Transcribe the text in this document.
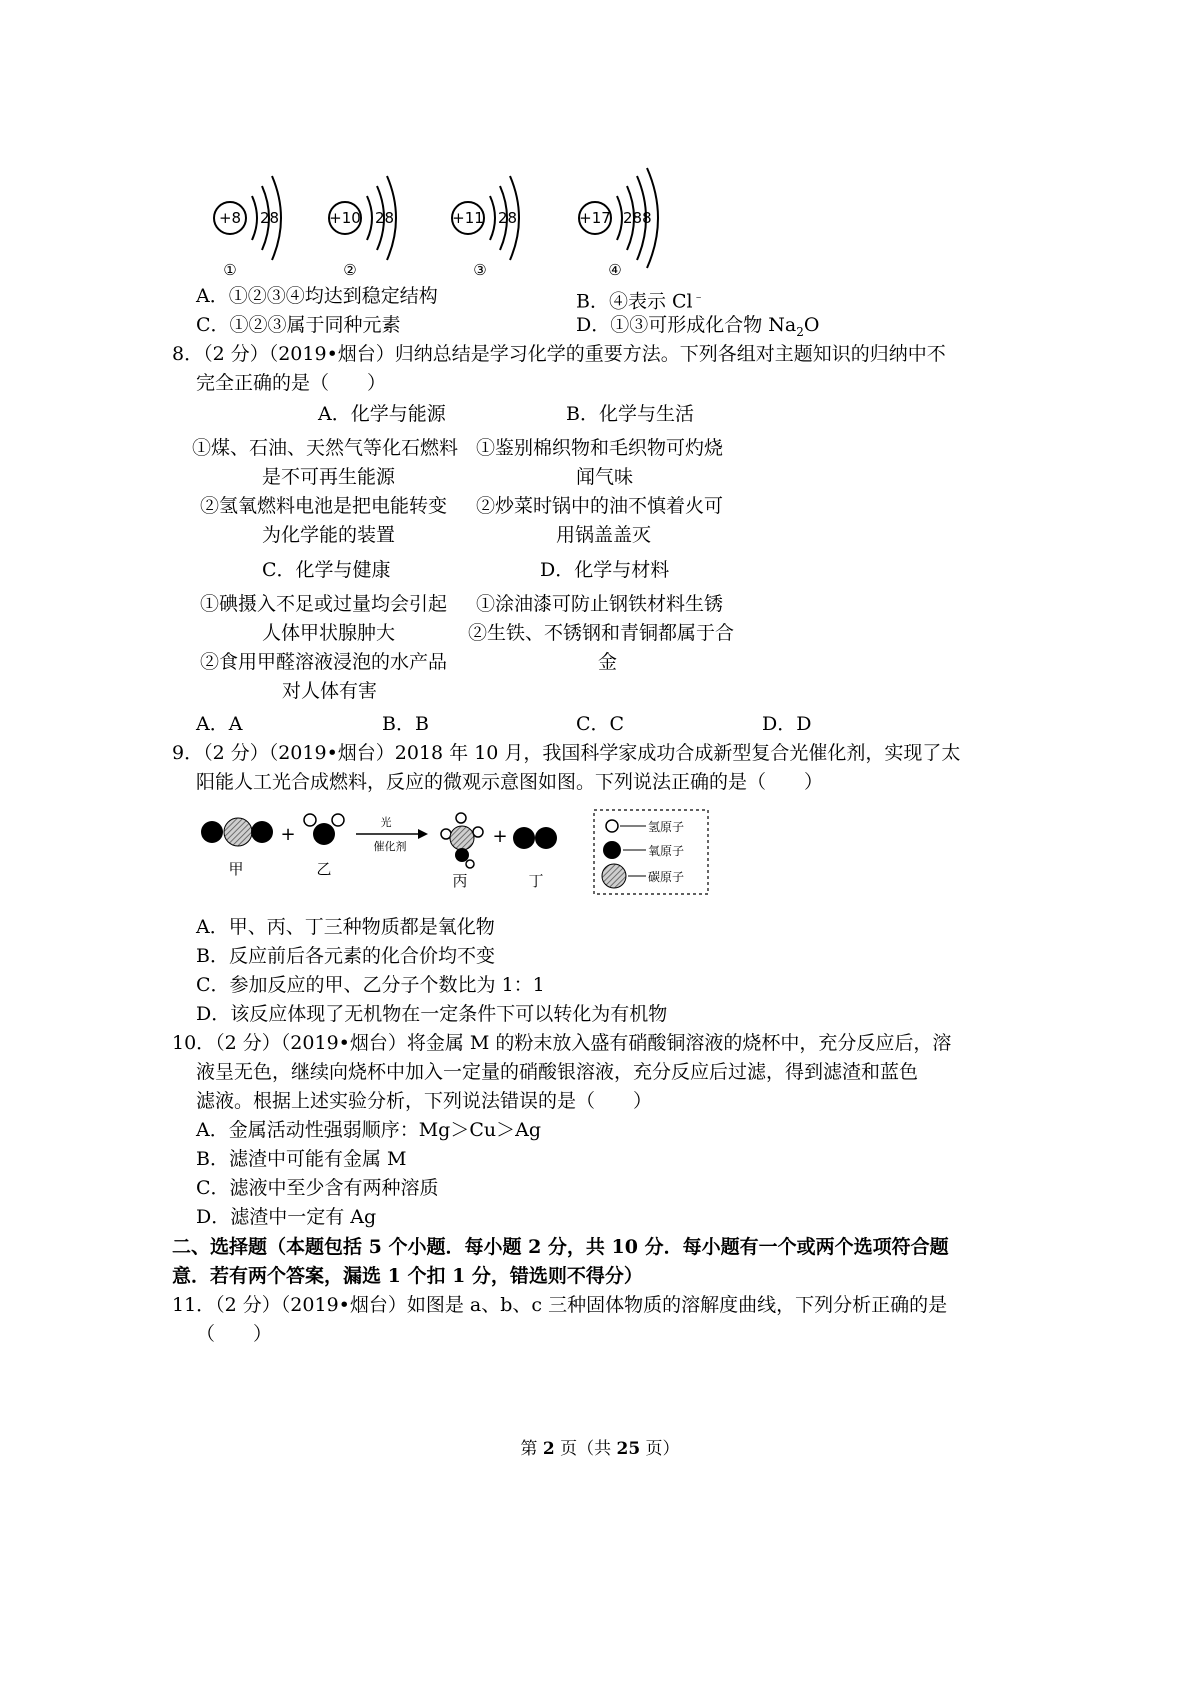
+8 28	+10 28	+11 28	+17 288
①	②	③	④
A．①②③④均达到稳定结构	B．④表示 Cl﹣
C．①②③属于同种元素	D．①③可形成化合物 $Na_2O$
8．（2 分）（2019•烟台）归纳总结是学习化学的重要方法。下列各组对主题知识的归纳中不
完全正确的是（　　）
A．化学与能源	B．化学与生活
①煤、石油、天然气等化石燃料
是不可再生能源
②氢氧燃料电池是把电能转变
为化学能的装置
①鉴别棉织物和毛织物可灼烧
闻气味
②炒菜时锅中的油不慎着火可
用锅盖盖灭
C．化学与健康	D．化学与材料
①碘摄入不足或过量均会引起
人体甲状腺肿大
②食用甲醛溶液浸泡的水产品
对人体有害
①涂油漆可防止钢铁材料生锈
②生铁、不锈钢和青铜都属于合
金
A．A	B．B	C．C	D．D
9．（2 分）（2019•烟台）2018 年 10 月，我国科学家成功合成新型复合光催化剂，实现了太
阳能人工光合成燃料，反应的微观示意图如图。下列说法正确的是（　　）
甲
+
乙
光
催化剂
丙
+
丁
氢原子
氧原子
碳原子
A．甲、丙、丁三种物质都是氧化物
B．反应前后各元素的化合价均不变
C．参加反应的甲、乙分子个数比为 1：1
D．该反应体现了无机物在一定条件下可以转化为有机物
10．（2 分）（2019•烟台）将金属 M 的粉末放入盛有硝酸铜溶液的烧杯中，充分反应后，溶
液呈无色，继续向烧杯中加入一定量的硝酸银溶液，充分反应后过滤，得到滤渣和蓝色
滤液。根据上述实验分析，下列说法错误的是（　　）
A．金属活动性强弱顺序：Mg＞Cu＞Ag
B．滤渣中可能有金属 M
C．滤液中至少含有两种溶质
D．滤渣中一定有 Ag
二、选择题（本题包括 5 个小题．每小题 2 分，共 10 分．每小题有一个或两个选项符合题
意．若有两个答案，漏选 1 个扣 1 分，错选则不得分）
11．（2 分）（2019•烟台）如图是 a、b、c 三种固体物质的溶解度曲线，下列分析正确的是
（　　）
第 2 页（共 25 页）
